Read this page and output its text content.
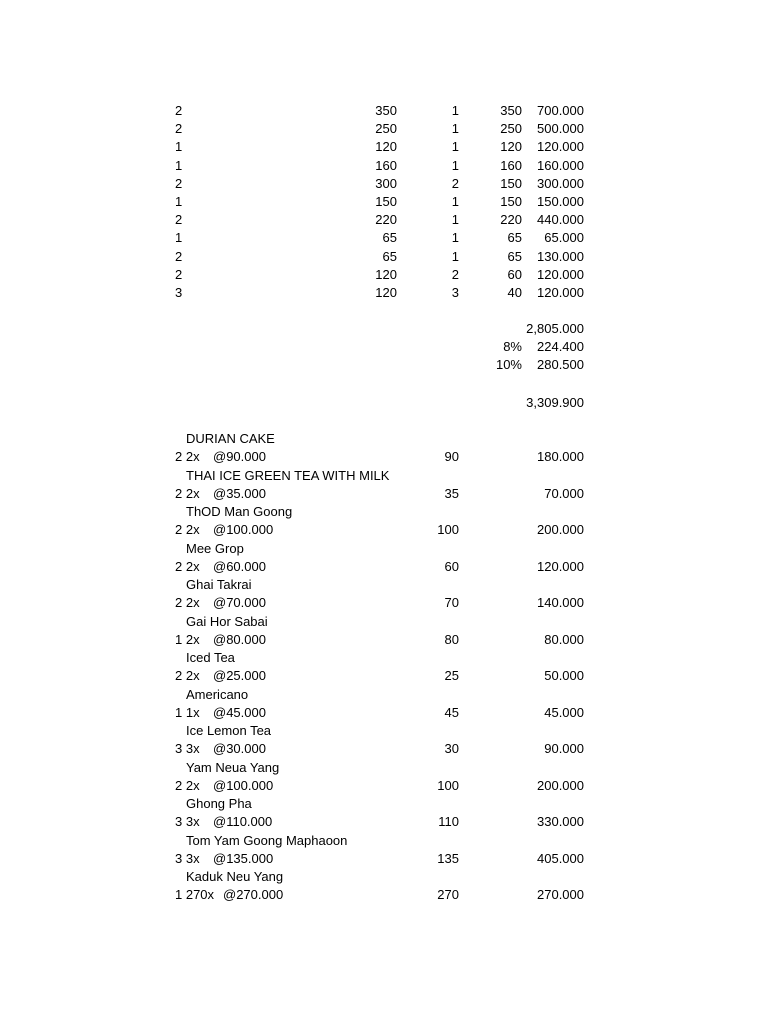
2	350	1	350	700.000
2	250	1	250	500.000
1	120	1	120	120.000
1	160	1	160	160.000
2	300	2	150	300.000
1	150	1	150	150.000
2	220	1	220	440.000
1	65	1	65	65.000
2	65	1	65	130.000
2	120	2	60	120.000
3	120	3	40	120.000
2,805.000
8%	224.400
10%	280.500
3,309.900
DURIAN CAKE
2 2x @90.000	90	180.000
THAI ICE GREEN TEA WITH MILK
2 2x @35.000	35	70.000
ThOD Man Goong
2 2x @100.000	100	200.000
Mee Grop
2 2x @60.000	60	120.000
Ghai Takrai
2 2x @70.000	70	140.000
Gai Hor Sabai
1 2x @80.000	80	80.000
Iced Tea
2 2x @25.000	25	50.000
Americano
1 1x @45.000	45	45.000
Ice Lemon Tea
3 3x @30.000	30	90.000
Yam Neua Yang
2 2x @100.000	100	200.000
Ghong Pha
3 3x @110.000	110	330.000
Tom Yam Goong Maphaoon
3 3x @135.000	135	405.000
Kaduk Neu Yang
1 270x @270.000	270	270.000
